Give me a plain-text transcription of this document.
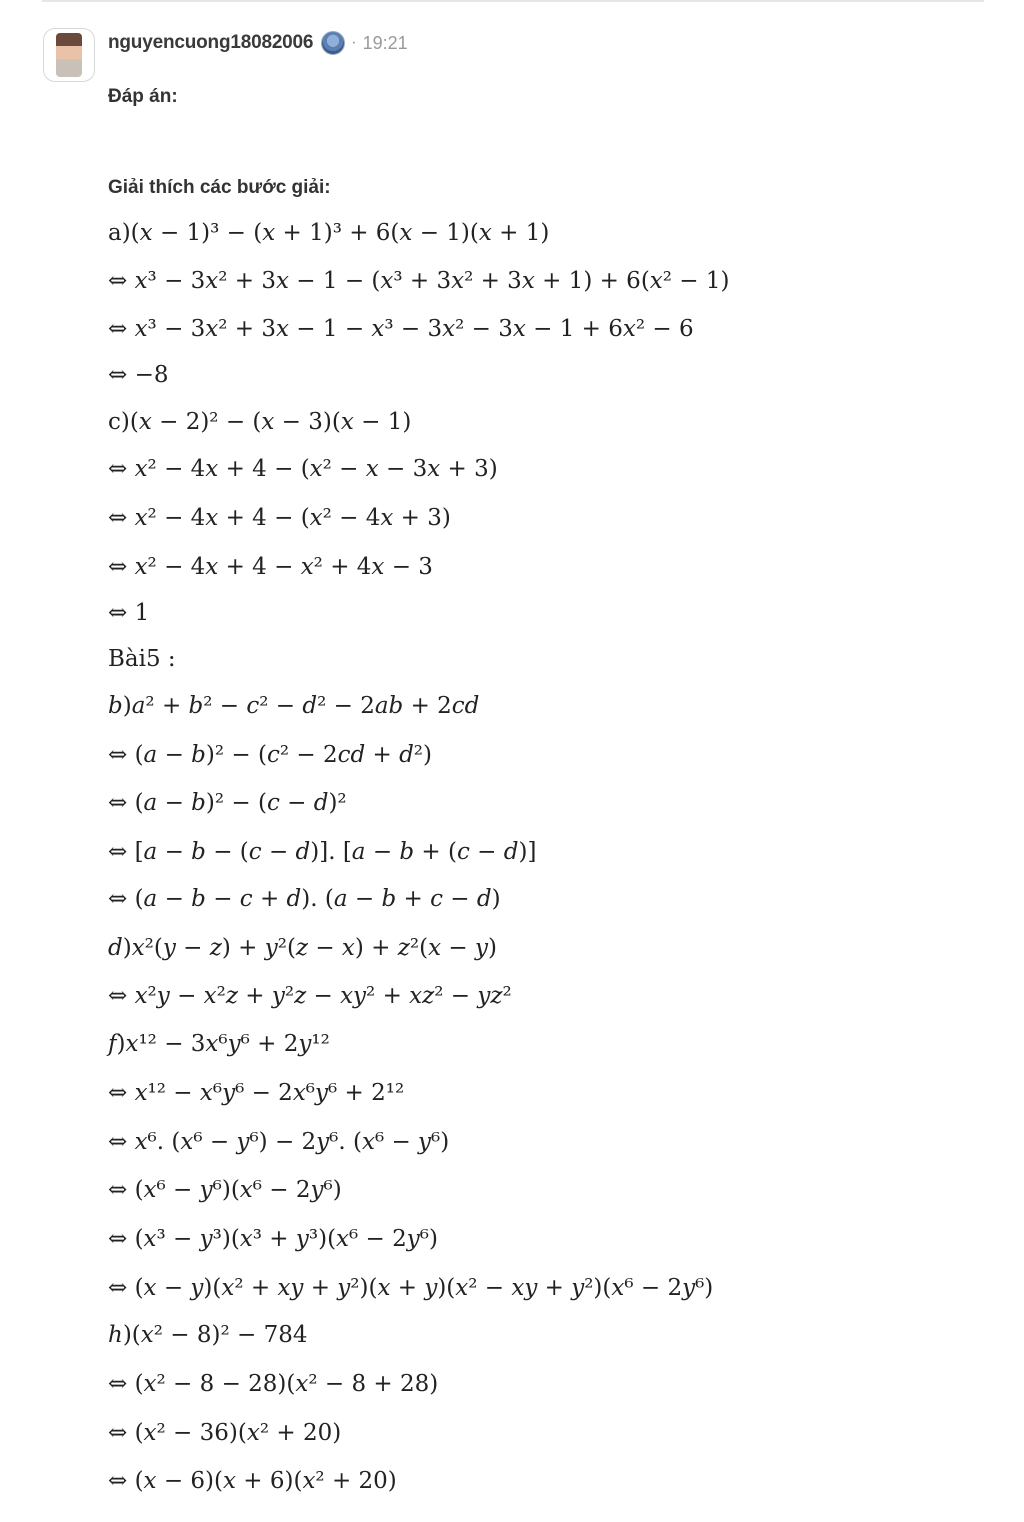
nguyencuong18082006 · 19:21
Đáp án:
Giải thích các bước giải:
a)(𝑥 − 1)³ − (𝑥 + 1)³ + 6(𝑥 − 1)(𝑥 + 1)
⇔ 𝑥³ − 3𝑥² + 3𝑥 − 1 − (𝑥³ + 3𝑥² + 3𝑥 + 1) + 6(𝑥² − 1)
⇔ 𝑥³ − 3𝑥² + 3𝑥 − 1 − 𝑥³ − 3𝑥² − 3𝑥 − 1 + 6𝑥² − 6
⇔ −8
c)(𝑥 − 2)² − (𝑥 − 3)(𝑥 − 1)
⇔ 𝑥² − 4𝑥 + 4 − (𝑥² − 𝑥 − 3𝑥 + 3)
⇔ 𝑥² − 4𝑥 + 4 − (𝑥² − 4𝑥 + 3)
⇔ 𝑥² − 4𝑥 + 4 − 𝑥² + 4𝑥 − 3
⇔ 1
Bài5 :
𝑏)𝑎² + 𝑏² − 𝑐² − 𝑑² − 2𝑎𝑏 + 2𝑐𝑑
⇔ (𝑎 − 𝑏)² − (𝑐² − 2𝑐𝑑 + 𝑑²)
⇔ (𝑎 − 𝑏)² − (𝑐 − 𝑑)²
⇔ [𝑎 − 𝑏 − (𝑐 − 𝑑)]. [𝑎 − 𝑏 + (𝑐 − 𝑑)]
⇔ (𝑎 − 𝑏 − 𝑐 + 𝑑). (𝑎 − 𝑏 + 𝑐 − 𝑑)
𝑑)𝑥²(𝑦 − 𝑧) + 𝑦²(𝑧 − 𝑥) + 𝑧²(𝑥 − 𝑦)
⇔ 𝑥²𝑦 − 𝑥²𝑧 + 𝑦²𝑧 − 𝑥𝑦² + 𝑥𝑧² − 𝑦𝑧²
𝑓)𝑥¹² − 3𝑥⁶𝑦⁶ + 2𝑦¹²
⇔ 𝑥¹² − 𝑥⁶𝑦⁶ − 2𝑥⁶𝑦⁶ + 2¹²
⇔ 𝑥⁶. (𝑥⁶ − 𝑦⁶) − 2𝑦⁶. (𝑥⁶ − 𝑦⁶)
⇔ (𝑥⁶ − 𝑦⁶)(𝑥⁶ − 2𝑦⁶)
⇔ (𝑥³ − 𝑦³)(𝑥³ + 𝑦³)(𝑥⁶ − 2𝑦⁶)
⇔ (𝑥 − 𝑦)(𝑥² + 𝑥𝑦 + 𝑦²)(𝑥 + 𝑦)(𝑥² − 𝑥𝑦 + 𝑦²)(𝑥⁶ − 2𝑦⁶)
ℎ)(𝑥² − 8)² − 784
⇔ (𝑥² − 8 − 28)(𝑥² − 8 + 28)
⇔ (𝑥² − 36)(𝑥² + 20)
⇔ (𝑥 − 6)(𝑥 + 6)(𝑥² + 20)
